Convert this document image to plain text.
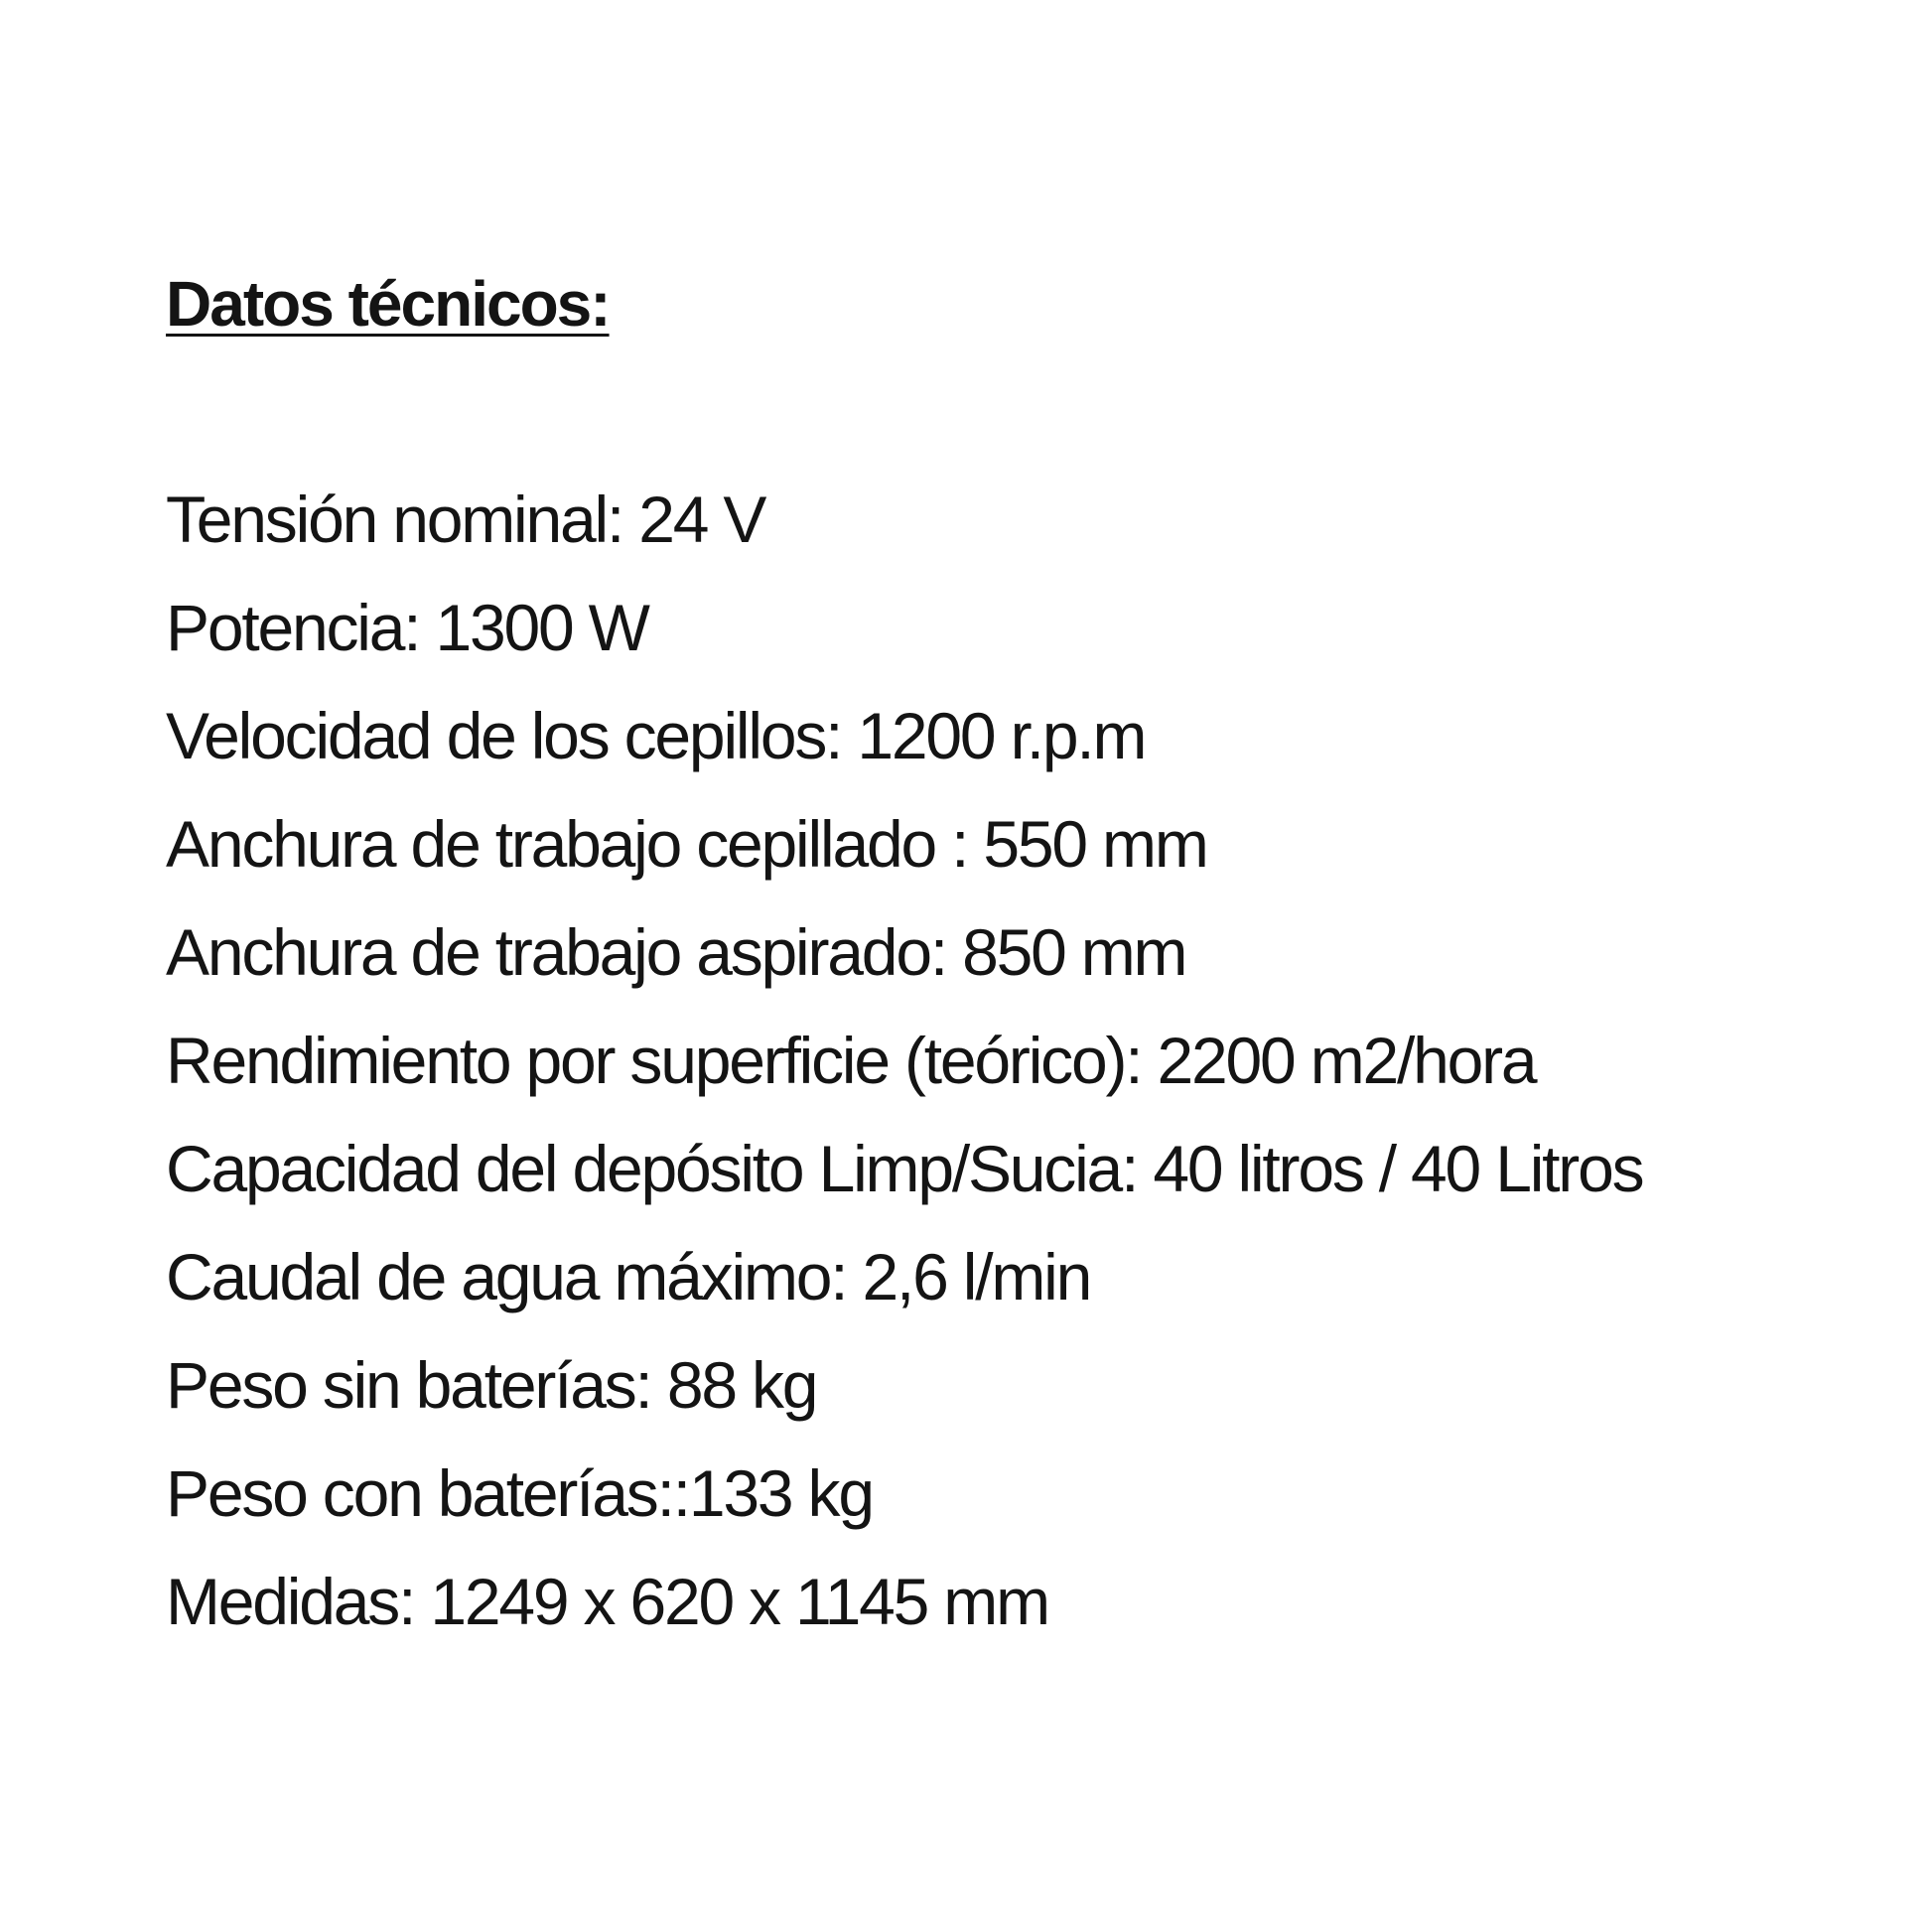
Datos técnicos:
Tensión nominal: 24 V
Potencia: 1300 W
Velocidad de los cepillos: 1200 r.p.m
Anchura de trabajo cepillado : 550 mm
Anchura de trabajo aspirado: 850 mm
Rendimiento por superficie (teórico): 2200 m2/hora
Capacidad del depósito Limp/Sucia: 40 litros / 40 Litros
Caudal de agua máximo: 2,6 l/min
Peso sin baterías: 88 kg
Peso con baterías::133 kg
Medidas: 1249 x 620 x 1145 mm
